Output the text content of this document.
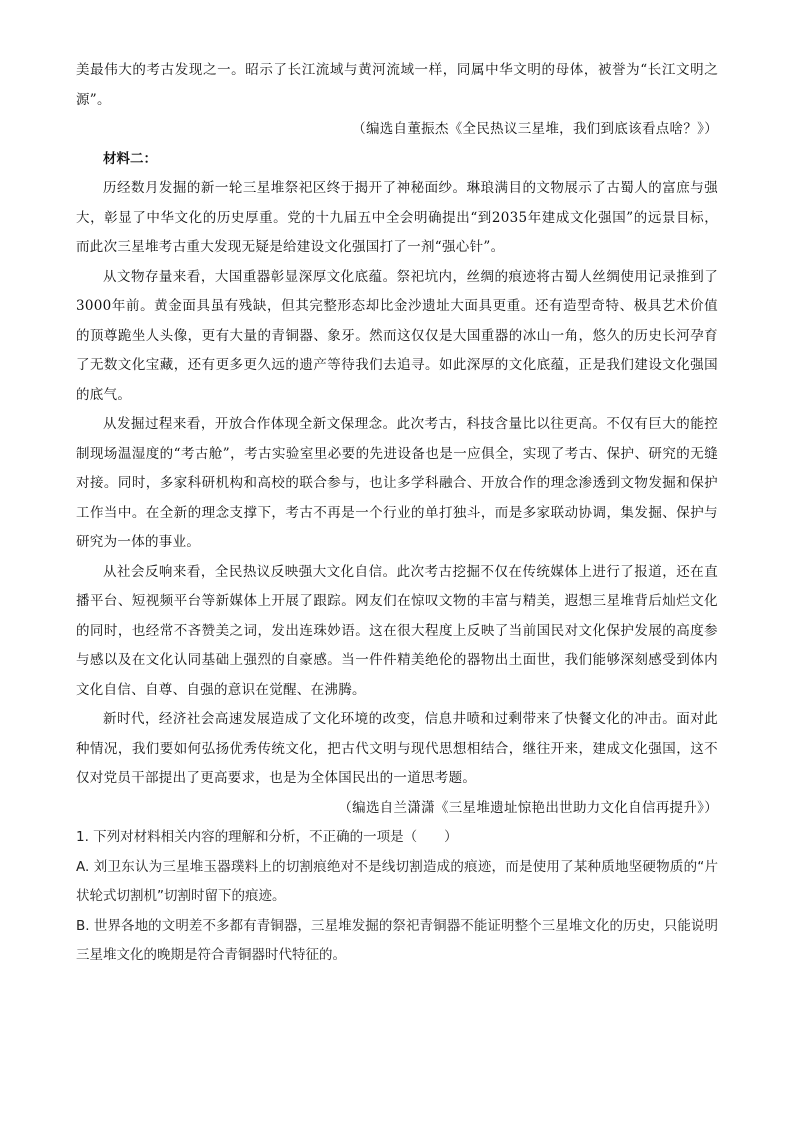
美最伟大的考古发现之一。昭示了长江流域与黄河流域一样，同属中华文明的母体，被誉为“长江文明之源”。

（编选自董振杰《全民热议三星堆，我们到底该看点啥？》）

材料二：

历经数月发掘的新一轮三星堆祭祀区终于揭开了神秘面纱。琳琅满目的文物展示了古蜀人的富庶与强大，彰显了中华文化的历史厚重。党的十九届五中全会明确提出“到2035年建成文化强国”的远景目标，而此次三星堆考古重大发现无疑是给建设文化强国打了一剂“强心针”。

从文物存量来看，大国重器彰显深厚文化底蕴。祭祀坑内，丝绸的痕迹将古蜀人丝绸使用记录推到了3000年前。黄金面具虽有残缺，但其完整形态却比金沙遗址大面具更重。还有造型奇特、极具艺术价值的顶尊跪坐人头像，更有大量的青铜器、象牙。然而这仅仅是大国重器的冰山一角，悠久的历史长河孕育了无数文化宝藏，还有更多更久远的遗产等待我们去追寻。如此深厚的文化底蕴，正是我们建设文化强国的底气。

从发掘过程来看，开放合作体现全新文保理念。此次考古，科技含量比以往更高。不仅有巨大的能控制现场温湿度的“考古舱”，考古实验室里必要的先进设备也是一应俱全，实现了考古、保护、研究的无缝对接。同时，多家科研机构和高校的联合参与，也让多学科融合、开放合作的理念渗透到文物发掘和保护工作当中。在全新的理念支撑下，考古不再是一个行业的单打独斗，而是多家联动协调，集发掘、保护与研究为一体的事业。

从社会反响来看，全民热议反映强大文化自信。此次考古挖掘不仅在传统媒体上进行了报道，还在直播平台、短视频平台等新媒体上开展了跟踪。网友们在惊叹文物的丰富与精美，遐想三星堆背后灿烂文化的同时，也经常不吝赞美之词，发出连珠妙语。这在很大程度上反映了当前国民对文化保护发展的高度参与感以及在文化认同基础上强烈的自豪感。当一件件精美绝伦的器物出土面世，我们能够深刻感受到体内文化自信、自尊、自强的意识在觉醒、在沸腾。

新时代，经济社会高速发展造成了文化环境的改变，信息井喷和过剩带来了快餐文化的冲击。面对此种情况，我们要如何弘扬优秀传统文化，把古代文明与现代思想相结合，继往开来，建成文化强国，这不仅对党员干部提出了更高要求，也是为全体国民出的一道思考题。

（编选自兰潇潇《三星堆遗址惊艳出世助力文化自信再提升》）

1. 下列对材料相关内容的理解和分析，不正确的一项是（　　）

A. 刘卫东认为三星堆玉器璞料上的切割痕绝对不是线切割造成的痕迹，而是使用了某种质地坚硬物质的“片状轮式切割机”切割时留下的痕迹。

B. 世界各地的文明差不多都有青铜器，三星堆发掘的祭祀青铜器不能证明整个三星堆文化的历史，只能说明三星堆文化的晚期是符合青铜器时代特征的。
